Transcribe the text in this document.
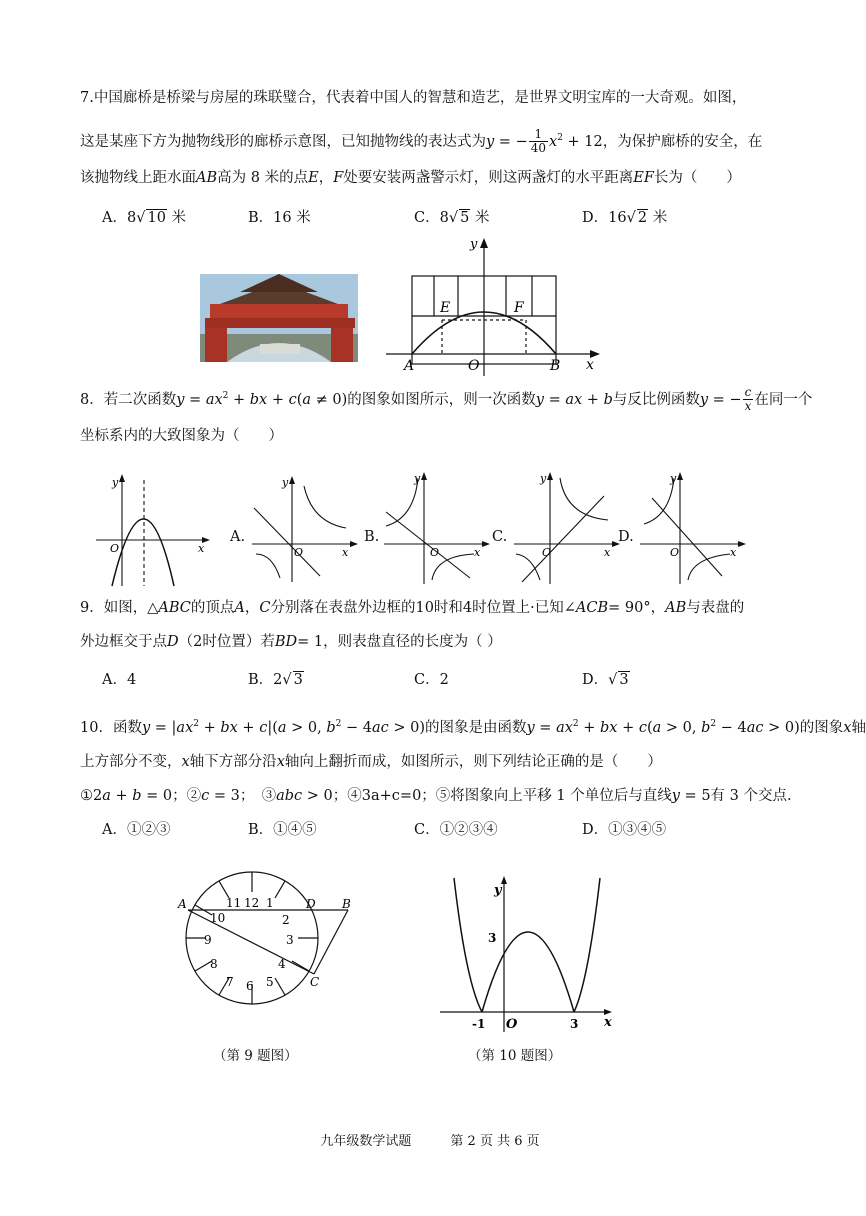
7.中国廊桥是桥梁与房屋的珠联璧合，代表着中国人的智慧和造艺，是世界文明宝库的一大奇观。如图，
这是某座下方为抛物线形的廊桥示意图，已知抛物线的表达式为y = − $\frac{1}{40} x^2 + 12$，为保护廊桥的安全，在
该抛物线上距水面AB高为 8 米的点E，F处要安装两盏警示灯，则这两盏灯的水平距离EF长为（　　）
A．8√ 10 米	B．16 米	C．8√ 5 米	D．16√ 2 米
y
x
E	F
A	O	B
8．若二次函数$y = ax^2$ + bx + c(a ≠ 0)的图象如图所示，则一次函数y = ax + b与反比例函数y = − $\frac{c}{x}$ 在同一个
坐标系内的大致图象为（　　）
y
x
O
A.
y
x
O
B.
y
x
O
C.
y
x
O
D.
y
x
O
9．如图，△ABC的顶点A，C分别落在表盘外边框的10时和4时位置上·已知∠ACB= 90°，AB与表盘的
外边框交于点D（2时位置）若BD= 1，则表盘直径的长度为（ ）
A．4	B．2√ 3	C．2	D．√ 3
10．函数$y = |ax^2$ + bx + c|(a > 0, $b^2 - 4ac > 0$)的图象是由函数$y = ax^2$ + bx + c(a > 0, $b^2 - 4ac > 0$)的图象x轴
上方部分不变，x轴下方部分沿x轴向上翻折而成，如图所示，则下列结论正确的是（　　）
①2a + b = 0；②c = 3；　③abc > 0；④3a+c=0；⑤将图象向上平移 1 个单位后与直线y = 5有 3 个交点.
A．①②③	B．①④⑤	C．①②③④	D．①③④⑤
A	D B
C
10
11 12 1
2
3
4
5
6
7
8
9
（第 9 题图）
y
x
O
3
-1	3
（第 10 题图）
九年级数学试题　　　	第 2 页 共 6 页
